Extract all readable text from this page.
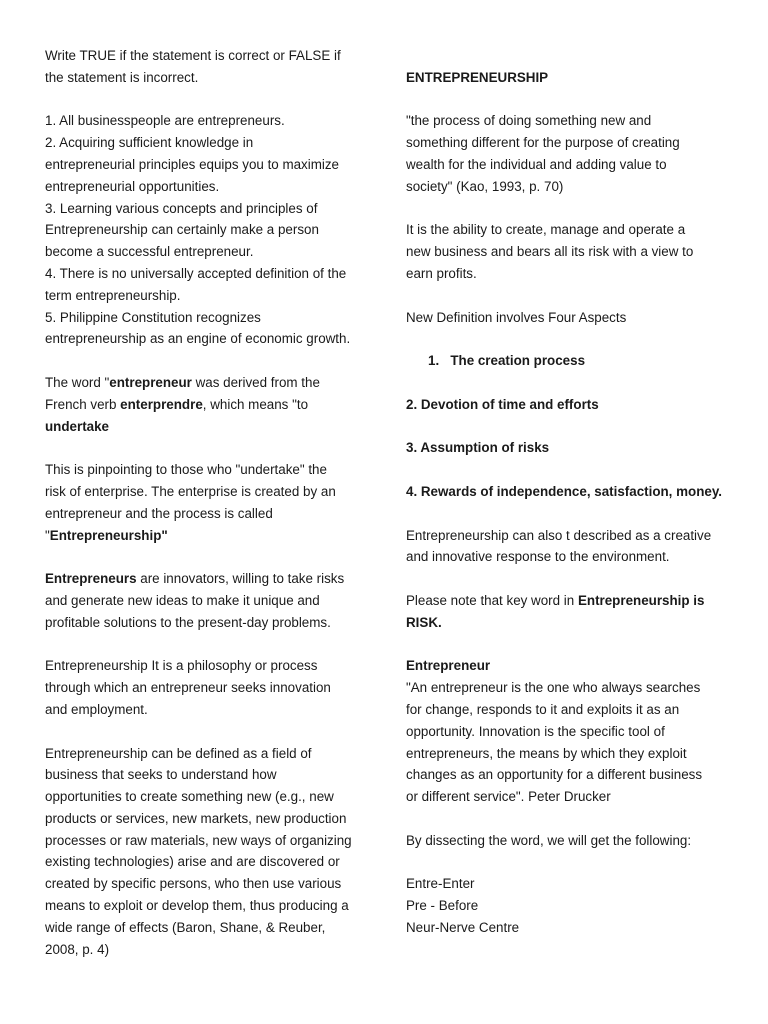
Write TRUE if the statement is correct or FALSE if
the statement is incorrect.

1. All businesspeople are entrepreneurs.
2. Acquiring sufficient knowledge in
entrepreneurial principles equips you to maximize
entrepreneurial opportunities.
3. Learning various concepts and principles of
Entrepreneurship can certainly make a person
become a successful entrepreneur.
4. There is no universally accepted definition of the
term entrepreneurship.
5. Philippine Constitution recognizes
entrepreneurship as an engine of economic growth.

The word "entrepreneur was derived from the
French verb enterprendre, which means "to
undertake

This is pinpointing to those who "undertake" the
risk of enterprise. The enterprise is created by an
entrepreneur and the process is called
"Entrepreneurship"

Entrepreneurs are innovators, willing to take risks
and generate new ideas to make it unique and
profitable solutions to the present-day problems.

Entrepreneurship It is a philosophy or process
through which an entrepreneur seeks innovation
and employment.

Entrepreneurship can be defined as a field of
business that seeks to understand how
opportunities to create something new (e.g., new
products or services, new markets, new production
processes or raw materials, new ways of organizing
existing technologies) arise and are discovered or
created by specific persons, who then use various
means to exploit or develop them, thus producing a
wide range of effects (Baron, Shane, & Reuber,
2008, p. 4)

ENTREPRENEURSHIP

"the process of doing something new and
something different for the purpose of creating
wealth for the individual and adding value to
society" (Kao, 1993, p. 70)

It is the ability to create, manage and operate a
new business and bears all its risk with a view to
earn profits.

New Definition involves Four Aspects

1.   The creation process

2. Devotion of time and efforts

3. Assumption of risks

4. Rewards of independence, satisfaction, money.

Entrepreneurship can also t described as a creative
and innovative response to the environment.

Please note that key word in Entrepreneurship is
RISK.

Entrepreneur

"An entrepreneur is the one who always searches
for change, responds to it and exploits it as an
opportunity. Innovation is the specific tool of
entrepreneurs, the means by which they exploit
changes as an opportunity for a different business
or different service". Peter Drucker

By dissecting the word, we will get the following:

Entre-Enter
Pre - Before
Neur-Nerve Centre
